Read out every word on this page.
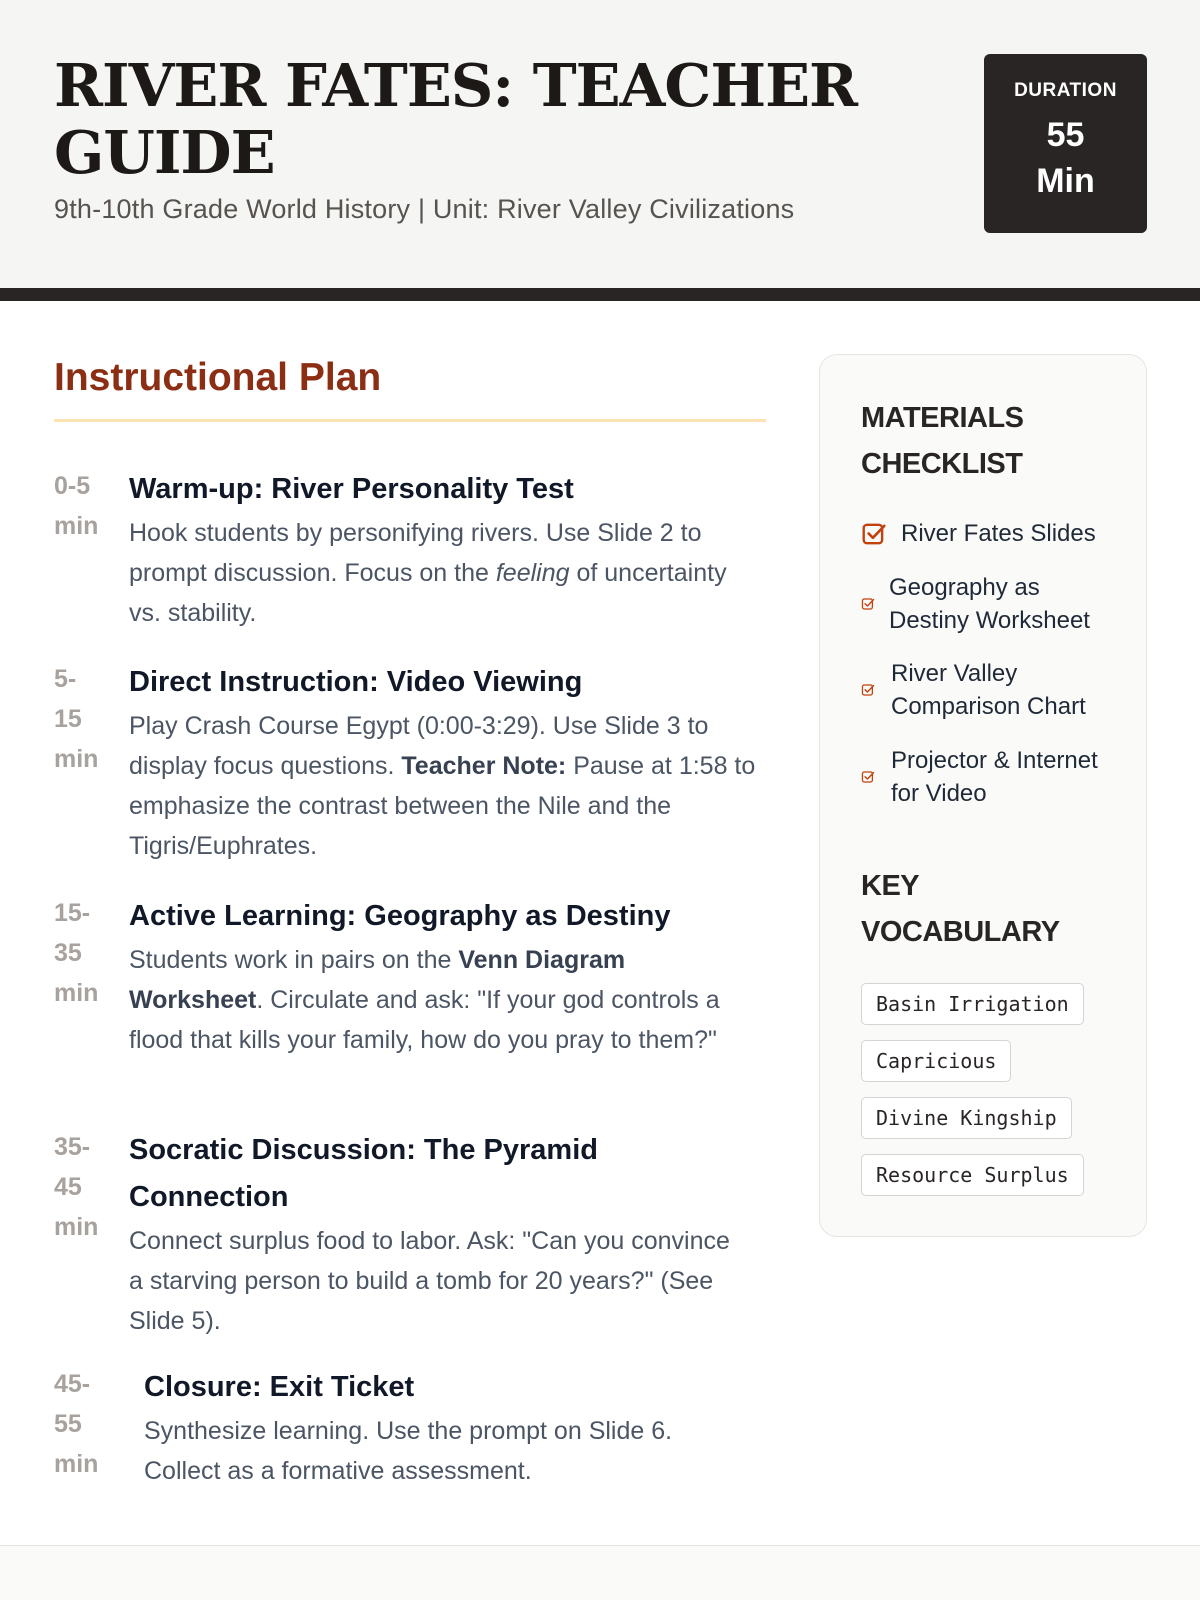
RIVER FATES: TEACHER GUIDE
9th-10th Grade World History | Unit: River Valley Civilizations
DURATION
55 Min
Instructional Plan
0-5 min
Warm-up: River Personality Test
Hook students by personifying rivers. Use Slide 2 to prompt discussion. Focus on the feeling of uncertainty vs. stability.
5- 15 min
Direct Instruction: Video Viewing
Play Crash Course Egypt (0:00-3:29). Use Slide 3 to display focus questions. Teacher Note: Pause at 1:58 to emphasize the contrast between the Nile and the Tigris/Euphrates.
15- 35 min
Active Learning: Geography as Destiny
Students work in pairs on the Venn Diagram Worksheet. Circulate and ask: "If your god controls a flood that kills your family, how do you pray to them?"
35- 45 min
Socratic Discussion: The Pyramid Connection
Connect surplus food to labor. Ask: "Can you convince a starving person to build a tomb for 20 years?" (See Slide 5).
45- 55 min
Closure: Exit Ticket
Synthesize learning. Use the prompt on Slide 6. Collect as a formative assessment.
MATERIALS CHECKLIST
River Fates Slides
Geography as Destiny Worksheet
River Valley Comparison Chart
Projector & Internet for Video
KEY VOCABULARY
Basin Irrigation
Capricious
Divine Kingship
Resource Surplus
